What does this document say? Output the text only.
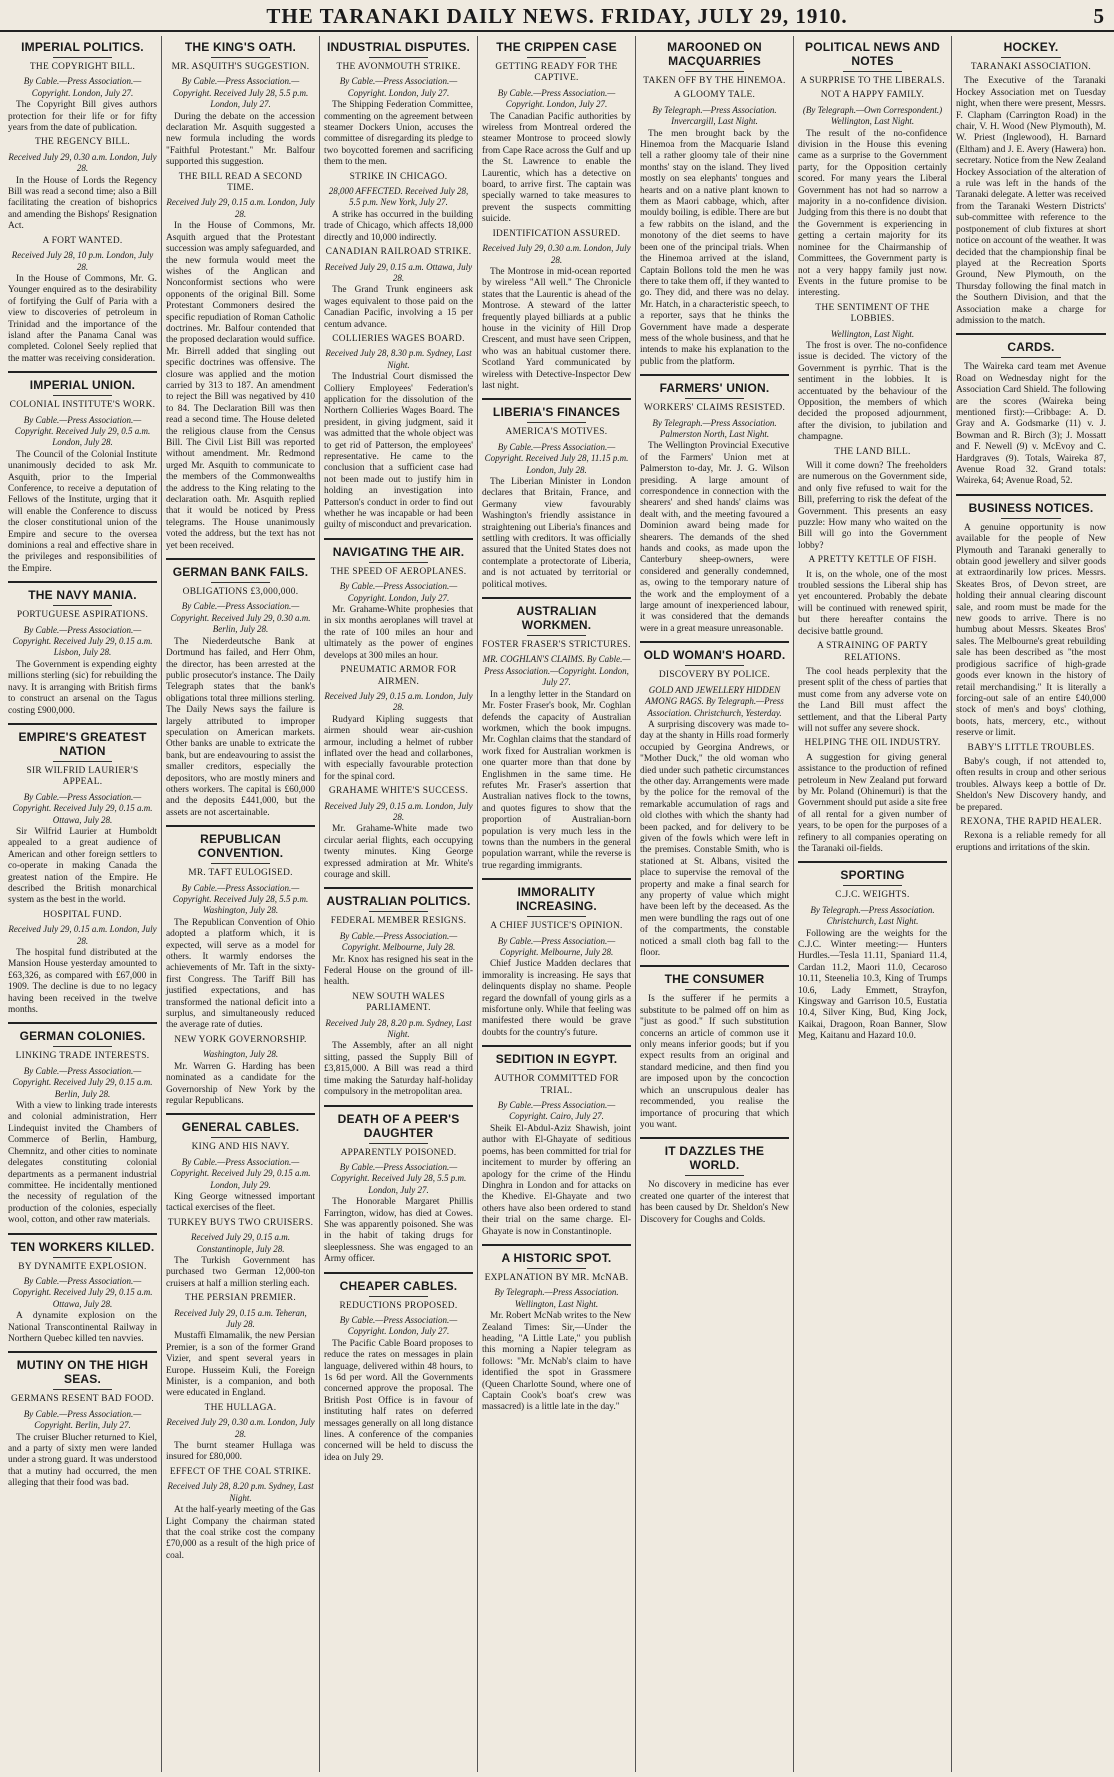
THE TARANAKI DAILY NEWS. FRIDAY, JULY 29, 1910.	5
IMPERIAL POLITICS.
THE COPYRIGHT BILL.
By Cable.—Press Association.—Copyright. London, July 27.

The Copyright Bill gives authors protection for their life or for fifty years from the date of publication.

THE REGENCY BILL.
Received July 29, 0.30 a.m. London, July 28.

In the House of Lords the Regency Bill was read a second time; also a Bill facilitating the creation of bishoprics and amending the Bishops' Resignation Act.

A FORT WANTED.
Received July 28, 10 p.m. London, July 28.

In the House of Commons, Mr. G. Younger enquired as to the desirability of fortifying the Gulf of Paria with a view to discoveries of petroleum in Trinidad and the importance of the island after the Panama Canal was completed. Colonel Seely replied that the matter was receiving consideration.

IMPERIAL UNION.
COLONIAL INSTITUTE'S WORK.
By Cable.—Press Association.—Copyright. Received July 29, 0.5 a.m. London, July 28.

The Council of the Colonial Institute unanimously decided to ask Mr. Asquith, prior to the Imperial Conference, to receive a deputation of Fellows of the Institute, urging that it will enable the Conference to discuss the closer constitutional union of the Empire and secure to the oversea dominions a real and effective share in the privileges and responsibilities of the Empire.

THE NAVY MANIA.
PORTUGUESE ASPIRATIONS.
By Cable.—Press Association.—Copyright. Received July 29, 0.15 a.m. Lisbon, July 28.

The Government is expending eighty millions sterling (sic) for rebuilding the navy. It is arranging with British firms to construct an arsenal on the Tagus costing £900,000.

EMPIRE'S GREATEST NATION
SIR WILFRID LAURIER'S APPEAL.
By Cable.—Press Association.—Copyright. Received July 29, 0.15 a.m. Ottawa, July 28.

Sir Wilfrid Laurier at Humboldt appealed to a great audience of American and other foreign settlers to co-operate in making Canada the greatest nation of the Empire. He described the British monarchical system as the best in the world.

HOSPITAL FUND.
Received July 29, 0.15 a.m. London, July 28.

The hospital fund distributed at the Mansion House yesterday amounted to £63,326, as compared with £67,000 in 1909. The decline is due to no legacy having been received in the twelve months.

GERMAN COLONIES.
LINKING TRADE INTERESTS.
By Cable.—Press Association.—Copyright. Received July 29, 0.15 a.m. Berlin, July 28.

With a view to linking trade interests and colonial administration, Herr Lindequist invited the Chambers of Commerce of Berlin, Hamburg, Chemnitz, and other cities to nominate delegates constituting colonial departments as a permanent industrial committee. He incidentally mentioned the necessity of regulation of the production of the colonies, especially wool, cotton, and other raw materials.

TEN WORKERS KILLED.
BY DYNAMITE EXPLOSION.
By Cable.—Press Association.—Copyright. Received July 29, 0.15 a.m. Ottawa, July 28.

A dynamite explosion on the National Transcontinental Railway in Northern Quebec killed ten navvies.

MUTINY ON THE HIGH SEAS.
GERMANS RESENT BAD FOOD.
By Cable.—Press Association.—Copyright. Berlin, July 27.

The cruiser Blucher returned to Kiel, and a party of sixty men were landed under a strong guard. It was understood that a mutiny had occurred, the men alleging that their food was bad.

THE KING'S OATH.
MR. ASQUITH'S SUGGESTION.
By Cable.—Press Association.—Copyright. Received July 28, 5.5 p.m. London, July 27.

During the debate on the accession declaration Mr. Asquith suggested a new formula including the words "Faithful Protestant." Mr. Balfour supported this suggestion.

THE BILL READ A SECOND TIME.
Received July 29, 0.15 a.m. London, July 28.

In the House of Commons, Mr. Asquith argued that the Protestant succession was amply safeguarded, and the new formula would meet the wishes of the Anglican and Nonconformist sections who were opponents of the original Bill. Some Protestant Commoners desired the specific repudiation of Roman Catholic doctrines. Mr. Balfour contended that the proposed declaration would suffice. Mr. Birrell added that singling out specific doctrines was offensive. The closure was applied and the motion carried by 313 to 187. An amendment to reject the Bill was negatived by 410 to 84. The Declaration Bill was then read a second time. The House deleted the religious clause from the Census Bill. The Civil List Bill was reported without amendment. Mr. Redmond urged Mr. Asquith to communicate to the members of the Commonwealths the address to the King relating to the declaration oath. Mr. Asquith replied that it would be noticed by Press telegrams. The House unanimously voted the address, but the text has not yet been received.

GERMAN BANK FAILS.
OBLIGATIONS £3,000,000.
By Cable.—Press Association.—Copyright. Received July 29, 0.30 a.m. Berlin, July 28.

The Niederdeutsche Bank at Dortmund has failed, and Herr Ohm, the director, has been arrested at the public prosecutor's instance. The Daily Telegraph states that the bank's obligations total three millions sterling. The Daily News says the failure is largely attributed to improper speculation on American markets. Other banks are unable to extricate the bank, but are endeavouring to assist the smaller creditors, especially the depositors, who are mostly miners and others workers. The capital is £60,000 and the deposits £441,000, but the assets are not ascertainable.

REPUBLICAN CONVENTION.
MR. TAFT EULOGISED.
By Cable.—Press Association.—Copyright. Received July 28, 5.5 p.m. Washington, July 28.

The Republican Convention of Ohio adopted a platform which, it is expected, will serve as a model for others. It warmly endorses the achievements of Mr. Taft in the sixty-first Congress. The Tariff Bill has justified expectations, and has transformed the national deficit into a surplus, and simultaneously reduced the average rate of duties.

NEW YORK GOVERNORSHIP.
Washington, July 28.

Mr. Warren G. Harding has been nominated as a candidate for the Governorship of New York by the regular Republicans.

GENERAL CABLES.
KING AND HIS NAVY.
By Cable.—Press Association.—Copyright. Received July 29, 0.15 a.m. London, July 29.

King George witnessed important tactical exercises of the fleet.

TURKEY BUYS TWO CRUISERS.
Received July 29, 0.15 a.m. Constantinople, July 28.

The Turkish Government has purchased two German 12,000-ton cruisers at half a million sterling each.

THE PERSIAN PREMIER.
Received July 29, 0.15 a.m. Teheran, July 28.

Mustaffi Elmamalik, the new Persian Premier, is a son of the former Grand Vizier, and spent several years in Europe. Husseim Kuli, the Foreign Minister, is a companion, and both were educated in England.

THE HULLAGA.
Received July 29, 0.30 a.m. London, July 28.

The burnt steamer Hullaga was insured for £80,000.

EFFECT OF THE COAL STRIKE.
Received July 28, 8.20 p.m. Sydney, Last Night.

At the half-yearly meeting of the Gas Light Company the chairman stated that the coal strike cost the company £70,000 as a result of the high price of coal.

INDUSTRIAL DISPUTES.
THE AVONMOUTH STRIKE.
By Cable.—Press Association.—Copyright. London, July 27.

The Shipping Federation Committee, commenting on the agreement between steamer Dockers Union, accuses the committee of disregarding its pledge to two boycotted foremen and sacrificing them to the men.

STRIKE IN CHICAGO.
28,000 AFFECTED. Received July 28, 5.5 p.m. New York, July 27.

A strike has occurred in the building trade of Chicago, which affects 18,000 directly and 10,000 indirectly.

CANADIAN RAILROAD STRIKE.
Received July 29, 0.15 a.m. Ottawa, July 28.

The Grand Trunk engineers ask wages equivalent to those paid on the Canadian Pacific, involving a 15 per centum advance.

COLLIERIES WAGES BOARD.
Received July 28, 8.30 p.m. Sydney, Last Night.

The Industrial Court dismissed the Colliery Employees' Federation's application for the dissolution of the Northern Collieries Wages Board. The president, in giving judgment, said it was admitted that the whole object was to get rid of Patterson, the employees' representative. He came to the conclusion that a sufficient case had not been made out to justify him in holding an investigation into Patterson's conduct in order to find out whether he was incapable or had been guilty of misconduct and prevarication.

NAVIGATING THE AIR.
THE SPEED OF AEROPLANES.
By Cable.—Press Association.—Copyright. London, July 27.

Mr. Grahame-White prophesies that in six months aeroplanes will travel at the rate of 100 miles an hour and ultimately as the power of engines develops at 300 miles an hour.

PNEUMATIC ARMOR FOR AIRMEN.
Received July 29, 0.15 a.m. London, July 28.

Rudyard Kipling suggests that airmen should wear air-cushion armour, including a helmet of rubber inflated over the head and collarbones, with especially favourable protection for the spinal cord.

GRAHAME WHITE'S SUCCESS.
Received July 29, 0.15 a.m. London, July 28.

Mr. Grahame-White made two circular aerial flights, each occupying twenty minutes. King George expressed admiration at Mr. White's courage and skill.

AUSTRALIAN POLITICS.
FEDERAL MEMBER RESIGNS.
By Cable.—Press Association.—Copyright. Melbourne, July 28.

Mr. Knox has resigned his seat in the Federal House on the ground of ill-health.

NEW SOUTH WALES PARLIAMENT.
Received July 28, 8.20 p.m. Sydney, Last Night.

The Assembly, after an all night sitting, passed the Supply Bill of £3,815,000. A Bill was read a third time making the Saturday half-holiday compulsory in the metropolitan area.

DEATH OF A PEER'S DAUGHTER
APPARENTLY POISONED.
By Cable.—Press Association.—Copyright. Received July 28, 5.5 p.m. London, July 27.

The Honorable Margaret Phillis Farrington, widow, has died at Cowes. She was apparently poisoned. She was in the habit of taking drugs for sleeplessness. She was engaged to an Army officer.

CHEAPER CABLES.
REDUCTIONS PROPOSED.
By Cable.—Press Association.—Copyright. London, July 27.

The Pacific Cable Board proposes to reduce the rates on messages in plain language, delivered within 48 hours, to 1s 6d per word. All the Governments concerned approve the proposal. The British Post Office is in favour of instituting half rates on deferred messages generally on all long distance lines. A conference of the companies concerned will be held to discuss the idea on July 29.

THE CRIPPEN CASE
GETTING READY FOR THE CAPTIVE.
By Cable.—Press Association.—Copyright. London, July 27.

The Canadian Pacific authorities by wireless from Montreal ordered the steamer Montrose to proceed slowly from Cape Race across the Gulf and up the St. Lawrence to enable the Laurentic, which has a detective on board, to arrive first. The captain was specially warned to take measures to prevent the suspects committing suicide.

IDENTIFICATION ASSURED.
Received July 29, 0.30 a.m. London, July 28.

The Montrose in mid-ocean reported by wireless "All well." The Chronicle states that the Laurentic is ahead of the Montrose. A steward of the latter frequently played billiards at a public house in the vicinity of Hill Drop Crescent, and must have seen Crippen, who was an habitual customer there. Scotland Yard communicated by wireless with Detective-Inspector Dew last night.

LIBERIA'S FINANCES
AMERICA'S MOTIVES.
By Cable.—Press Association.—Copyright. Received July 28, 11.15 p.m. London, July 28.

The Liberian Minister in London declares that Britain, France, and Germany view favourably Washington's friendly assistance in straightening out Liberia's finances and settling with creditors. It was officially assured that the United States does not contemplate a protectorate of Liberia, and is not actuated by territorial or political motives.

AUSTRALIAN WORKMEN.
FOSTER FRASER'S STRICTURES.
MR. COGHLAN'S CLAIMS. By Cable.—Press Association.—Copyright. London, July 27.

In a lengthy letter in the Standard on Mr. Foster Fraser's book, Mr. Coghlan defends the capacity of Australian workmen, which the book impugns. Mr. Coghlan claims that the standard of work fixed for Australian workmen is one quarter more than that done by Englishmen in the same time. He refutes Mr. Fraser's assertion that Australian natives flock to the towns, and quotes figures to show that the proportion of Australian-born population is very much less in the towns than the numbers in the general population warrant, while the reverse is true regarding immigrants.

IMMORALITY INCREASING.
A CHIEF JUSTICE'S OPINION.
By Cable.—Press Association.—Copyright. Melbourne, July 28.

Chief Justice Madden declares that immorality is increasing. He says that delinquents display no shame. People regard the downfall of young girls as a misfortune only. While that feeling was manifested there would be grave doubts for the country's future.

SEDITION IN EGYPT.
AUTHOR COMMITTED FOR TRIAL.
By Cable.—Press Association.—Copyright. Cairo, July 27.

Sheik El-Abdul-Aziz Shawish, joint author with El-Ghayate of seditious poems, has been committed for trial for incitement to murder by offering an apology for the crime of the Hindu Dinghra in London and for attacks on the Khedive. El-Ghayate and two others have also been ordered to stand their trial on the same charge. El-Ghayate is now in Constantinople.

A HISTORIC SPOT.
EXPLANATION BY MR. McNAB.
By Telegraph.—Press Association. Wellington, Last Night.

Mr. Robert McNab writes to the New Zealand Times: Sir,—Under the heading, "A Little Late," you publish this morning a Napier telegram as follows: "Mr. McNab's claim to have identified the spot in Grassmere (Queen Charlotte Sound, where one of Captain Cook's boat's crew was massacred) is a little late in the day."

MAROONED ON MACQUARRIES
TAKEN OFF BY THE HINEMOA.
A GLOOMY TALE.
By Telegraph.—Press Association. Invercargill, Last Night.

The men brought back by the Hinemoa from the Macquarie Island tell a rather gloomy tale of their nine months' stay on the island. They lived mostly on sea elephants' tongues and hearts and on a native plant known to them as Maori cabbage, which, after mouldy boiling, is edible. There are but a few rabbits on the island, and the monotony of the diet seems to have been one of the principal trials. When the Hinemoa arrived at the island, Captain Bollons told the men he was there to take them off, if they wanted to go. They did, and there was no delay. Mr. Hatch, in a characteristic speech, to a reporter, says that he thinks the Government have made a desperate mess of the whole business, and that he intends to make his explanation to the public from the platform.

FARMERS' UNION.
WORKERS' CLAIMS RESISTED.
By Telegraph.—Press Association. Palmerston North, Last Night.

The Wellington Provincial Executive of the Farmers' Union met at Palmerston to-day, Mr. J. G. Wilson presiding. A large amount of correspondence in connection with the shearers' and shed hands' claims was dealt with, and the meeting favoured a Dominion award being made for shearers. The demands of the shed hands and cooks, as made upon the Canterbury sheep-owners, were considered and generally condemned, as, owing to the temporary nature of the work and the employment of a large amount of inexperienced labour, it was considered that the demands were in a great measure unreasonable.

OLD WOMAN'S HOARD.
DISCOVERY BY POLICE.
GOLD AND JEWELLERY HIDDEN AMONG RAGS. By Telegraph.—Press Association. Christchurch, Yesterday.

A surprising discovery was made to-day at the shanty in Hills road formerly occupied by Georgina Andrews, or "Mother Duck," the old woman who died under such pathetic circumstances the other day. Arrangements were made by the police for the removal of the remarkable accumulation of rags and old clothes with which the shanty had been packed, and for delivery to be given of the fowls which were left in the premises. Constable Smith, who is stationed at St. Albans, visited the place to supervise the removal of the property and make a final search for any property of value which might have been left by the deceased. As the men were bundling the rags out of one of the compartments, the constable noticed a small cloth bag fall to the floor.

THE CONSUMER

Is the sufferer if he permits a substitute to be palmed off on him as "just as good." If such substitution concerns an article of common use it only means inferior goods; but if you expect results from an original and standard medicine, and then find you are imposed upon by the concoction which an unscrupulous dealer has recommended, you realise the importance of procuring that which you want.

IT DAZZLES THE WORLD.

No discovery in medicine has ever created one quarter of the interest that has been caused by Dr. Sheldon's New Discovery for Coughs and Colds.

POLITICAL NEWS AND NOTES
A SURPRISE TO THE LIBERALS.
NOT A HAPPY FAMILY.
(By Telegraph.—Own Correspondent.) Wellington, Last Night.

The result of the no-confidence division in the House this evening came as a surprise to the Government party, for the Opposition certainly scored. For many years the Liberal Government has not had so narrow a majority in a no-confidence division. Judging from this there is no doubt that the Government is experiencing in getting a certain majority for its nominee for the Chairmanship of Committees, the Government party is not a very happy family just now. Events in the future promise to be interesting.

THE SENTIMENT OF THE LOBBIES.
Wellington, Last Night.

The frost is over. The no-confidence issue is decided. The victory of the Government is pyrrhic. That is the sentiment in the lobbies. It is accentuated by the behaviour of the Opposition, the members of which decided the proposed adjournment, after the division, to jubilation and champagne.

THE LAND BILL.

Will it come down? The freeholders are numerous on the Government side, and only five refused to wait for the Bill, preferring to risk the defeat of the Government. This presents an easy puzzle: How many who waited on the Bill will go into the Government lobby?

A PRETTY KETTLE OF FISH.

It is, on the whole, one of the most troubled sessions the Liberal ship has yet encountered. Probably the debate will be continued with renewed spirit, but there hereafter contains the decisive battle ground.

A STRAINING OF PARTY RELATIONS.

The cool heads perplexity that the present split of the chess of parties that must come from any adverse vote on the Land Bill must affect the settlement, and that the Liberal Party will not suffer any severe shock.

HELPING THE OIL INDUSTRY.

A suggestion for giving general assistance to the production of refined petroleum in New Zealand put forward by Mr. Poland (Ohinemuri) is that the Government should put aside a site free of all rental for a given number of years, to be open for the purposes of a refinery to all companies operating on the Taranaki oil-fields.

SPORTING
C.J.C. WEIGHTS.
By Telegraph.—Press Association. Christchurch, Last Night.

Following are the weights for the C.J.C. Winter meeting:— Hunters Hurdles.—Tesla 11.11, Spaniard 11.4, Cardan 11.2, Maori 11.0, Cecaroso 10.11, Steenelia 10.3, King of Trumps 10.6, Lady Emmett, Strayfon, Kingsway and Garrison 10.5, Eustatia 10.4, Silver King, Bud, King Jock, Kaikai, Dragoon, Roan Banner, Slow Meg, Kaitanu and Hazard 10.0.

HOCKEY.
TARANAKI ASSOCIATION.

The Executive of the Taranaki Hockey Association met on Tuesday night, when there were present, Messrs. F. Clapham (Carrington Road) in the chair, V. H. Wood (New Plymouth), M. W. Priest (Inglewood), H. Barnard (Eltham) and J. E. Avery (Hawera) hon. secretary. Notice from the New Zealand Hockey Association of the alteration of a rule was left in the hands of the Taranaki delegate. A letter was received from the Taranaki Western Districts' sub-committee with reference to the postponement of club fixtures at short notice on account of the weather. It was decided that the championship final be played at the Recreation Sports Ground, New Plymouth, on the Thursday following the final match in the Southern Division, and that the Association make a charge for admission to the match.

CARDS.

The Waireka card team met Avenue Road on Wednesday night for the Association Card Shield. The following are the scores (Waireka being mentioned first):—Cribbage: A. D. Gray and A. Godsmarke (11) v. J. Bowman and R. Birch (3); J. Mossatt and F. Newell (9) v. McEvoy and C. Hardgraves (9). Totals, Waireka 87, Avenue Road 32. Grand totals: Waireka, 64; Avenue Road, 52.

BUSINESS NOTICES.

A genuine opportunity is now available for the people of New Plymouth and Taranaki generally to obtain good jewellery and silver goods at extraordinarily low prices. Messrs. Skeates Bros, of Devon street, are holding their annual clearing discount sale, and room must be made for the new goods to arrive. There is no humbug about Messrs. Skeates Bros' sales. The Melbourne's great rebuilding sale has been described as "the most prodigious sacrifice of high-grade goods ever known in the history of retail merchandising." It is literally a forcing-out sale of an entire £40,000 stock of men's and boys' clothing, boots, hats, mercery, etc., without reserve or limit.

BABY'S LITTLE TROUBLES.

Baby's cough, if not attended to, often results in croup and other serious troubles. Always keep a bottle of Dr. Sheldon's New Discovery handy, and be prepared.

REXONA, THE RAPID HEALER.

Rexona is a reliable remedy for all eruptions and irritations of the skin.
